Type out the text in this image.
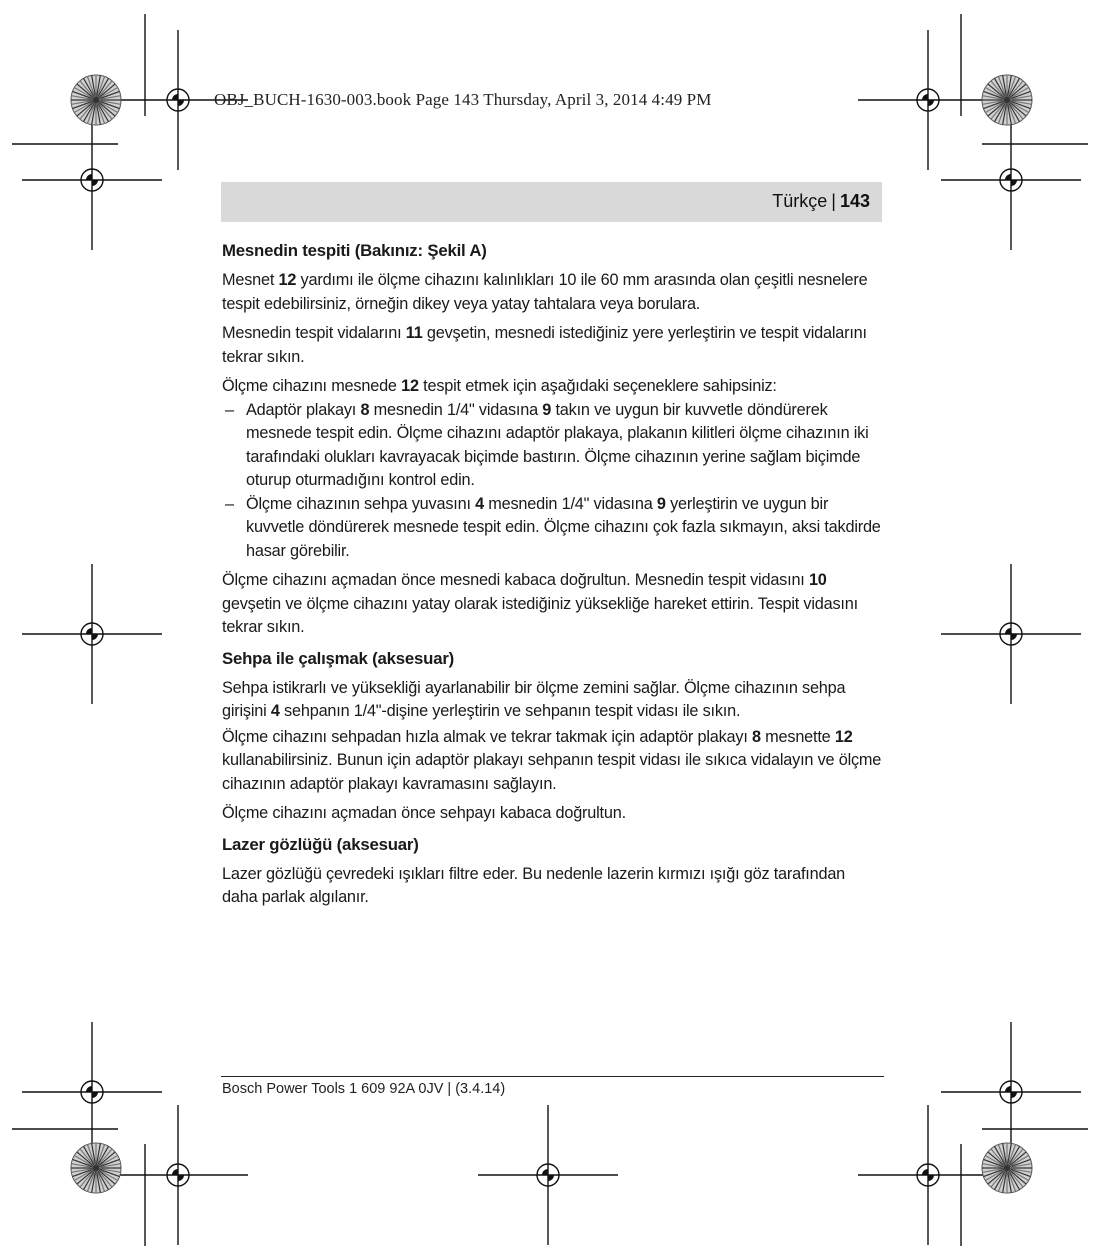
OBJ_BUCH-1630-003.book Page 143 Thursday, April 3, 2014 4:49 PM
Türkçe | 143
Mesnedin tespiti (Bakınız: Şekil A)

Mesnet 12 yardımı ile ölçme cihazını kalınlıkları 10 ile 60 mm arasında olan çeşitli nesnelere tespit edebilirsiniz, örneğin dikey veya yatay tahtalara veya borulara.

Mesnedin tespit vidalarını 11 gevşetin, mesnedi istediğiniz yere yerleştirin ve tespit vidalarını tekrar sıkın.

Ölçme cihazını mesnede 12 tespit etmek için aşağıdaki seçeneklere sahipsiniz:

– Adaptör plakayı 8 mesnedin 1/4" vidasına 9 takın ve uygun bir kuvvetle döndürerek mesnede tespit edin. Ölçme cihazını adaptör plakaya, plakanın kilitleri ölçme cihazının iki tarafındaki olukları kavrayacak biçimde bastırın. Ölçme cihazının yerine sağlam biçimde oturup oturmadığını kontrol edin.
– Ölçme cihazının sehpa yuvasını 4 mesnedin 1/4" vidasına 9 yerleştirin ve uygun bir kuvvetle döndürerek mesnede tespit edin. Ölçme cihazını çok fazla sıkmayın, aksi takdirde hasar görebilir.

Ölçme cihazını açmadan önce mesnedi kabaca doğrultun. Mesnedin tespit vidasını 10 gevşetin ve ölçme cihazını yatay olarak istediğiniz yüksekliğe hareket ettirin. Tespit vidasını tekrar sıkın.

Sehpa ile çalışmak (aksesuar)

Sehpa istikrarlı ve yüksekliği ayarlanabilir bir ölçme zemini sağlar. Ölçme cihazının sehpa girişini 4 sehpanın 1/4"-dişine yerleştirin ve sehpanın tespit vidası ile sıkın.

Ölçme cihazını sehpadan hızla almak ve tekrar takmak için adaptör plakayı 8 mesnette 12 kullanabilirsiniz. Bunun için adaptör plakayı sehpanın tespit vidası ile sıkıca vidalayın ve ölçme cihazının adaptör plakayı kavramasını sağlayın.

Ölçme cihazını açmadan önce sehpayı kabaca doğrultun.

Lazer gözlüğü (aksesuar)

Lazer gözlüğü çevredeki ışıkları filtre eder. Bu nedenle lazerin kırmızı ışığı göz tarafından daha parlak algılanır.

Bosch Power Tools 1 609 92A 0JV | (3.4.14)
